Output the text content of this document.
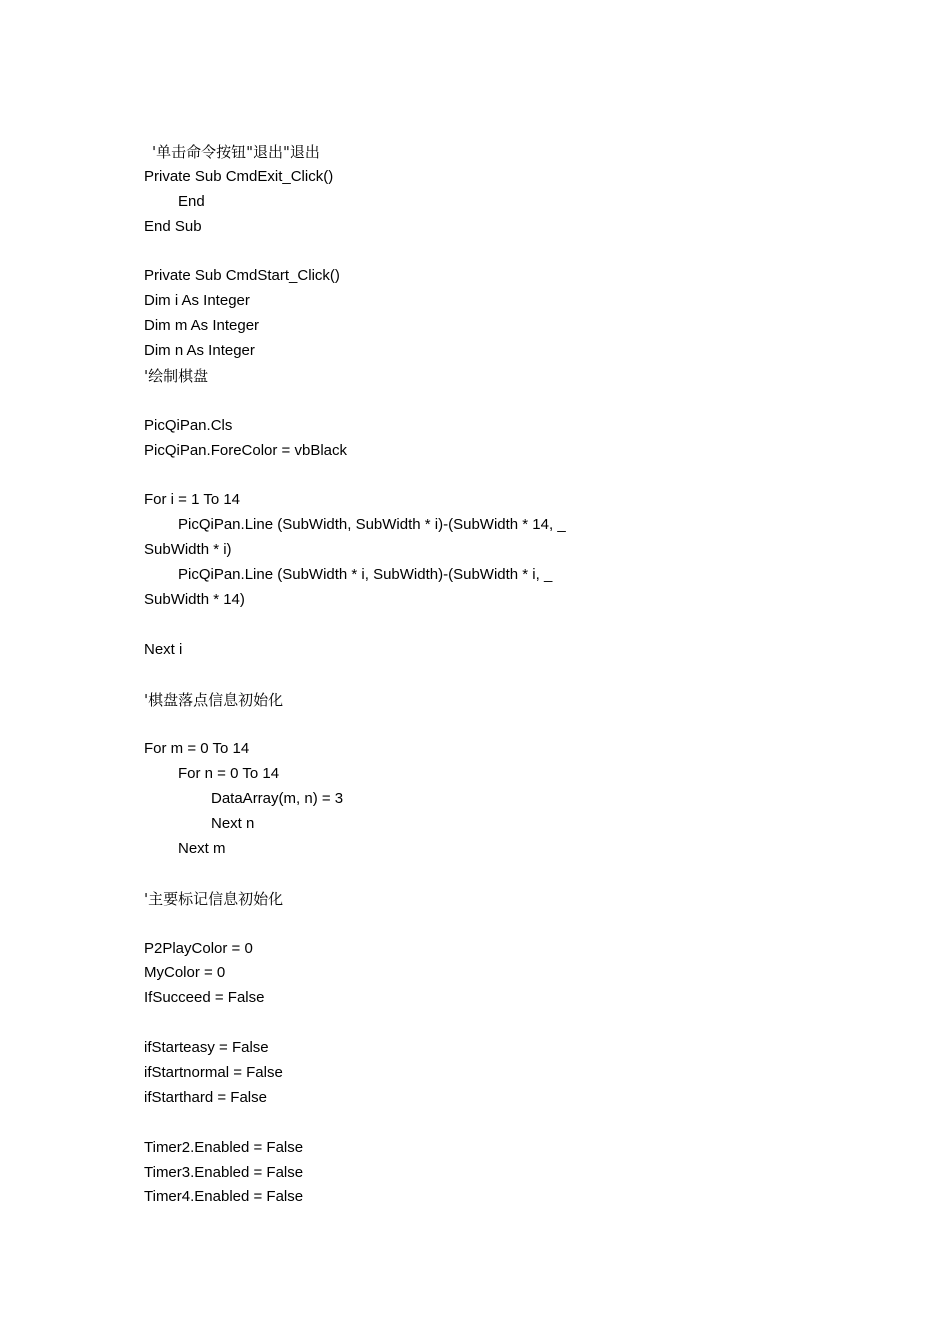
'单击命令按钮"退出"退出
Private Sub CmdExit_Click()
End
End Sub
Private Sub CmdStart_Click()
Dim i As Integer
Dim m As Integer
Dim n As Integer
'绘制棋盘
PicQiPan.Cls
PicQiPan.ForeColor = vbBlack
For i = 1 To 14
PicQiPan.Line (SubWidth, SubWidth * i)-(SubWidth * 14, _
SubWidth * i)
PicQiPan.Line (SubWidth * i, SubWidth)-(SubWidth * i, _
SubWidth * 14)
Next i
'棋盘落点信息初始化
For m = 0 To 14
For n = 0 To 14
DataArray(m, n) = 3
Next n
Next m
'主要标记信息初始化
P2PlayColor = 0
MyColor = 0
IfSucceed = False
ifStarteasy = False
ifStartnormal = False
ifStarthard = False
Timer2.Enabled = False
Timer3.Enabled = False
Timer4.Enabled = False
